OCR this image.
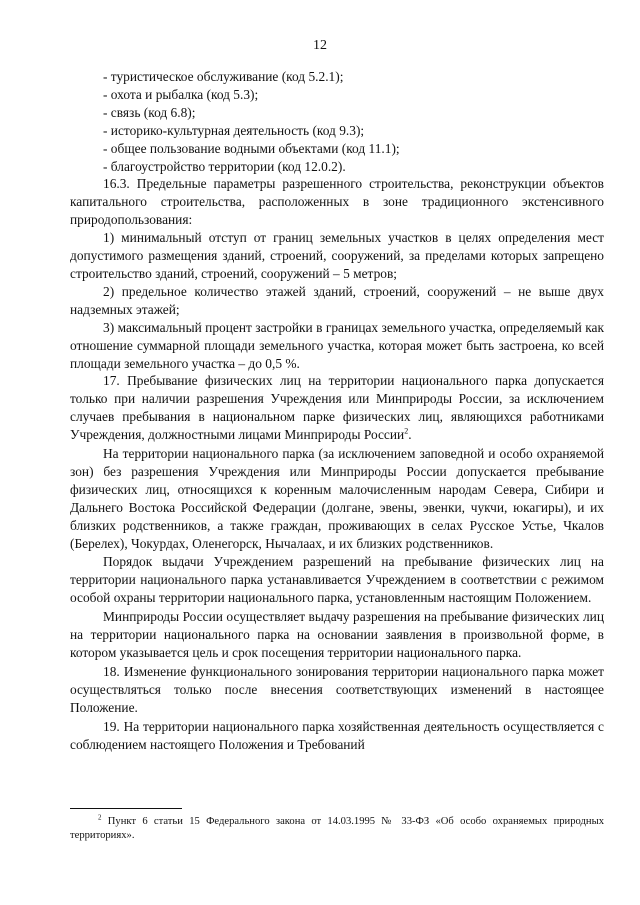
12

- туристическое обслуживание (код 5.2.1);

- охота и рыбалка (код 5.3);

- связь (код 6.8);

- историко-культурная деятельность (код 9.3);

- общее пользование водными объектами (код 11.1);

- благоустройство территории (код 12.0.2).

16.3. Предельные параметры разрешенного строительства, реконструкции объектов капитального строительства, расположенных в зоне традиционного экстенсивного природопользования:

1) минимальный отступ от границ земельных участков в целях определения мест допустимого размещения зданий, строений, сооружений, за пределами которых запрещено строительство зданий, строений, сооружений – 5 метров;

2) предельное количество этажей зданий, строений, сооружений – не выше двух надземных этажей;

3) максимальный процент застройки в границах земельного участка, определяемый как отношение суммарной площади земельного участка, которая может быть застроена, ко всей площади земельного участка – до 0,5 %.

17. Пребывание физических лиц на территории национального парка допускается только при наличии разрешения Учреждения или Минприроды России, за исключением случаев пребывания в национальном парке физических лиц, являющихся работниками Учреждения, должностными лицами Минприроды России$^2$.

На территории национального парка (за исключением заповедной и особо охраняемой зон) без разрешения Учреждения или Минприроды России допускается пребывание физических лиц, относящихся к коренным малочисленным народам Севера, Сибири и Дальнего Востока Российской Федерации (долгане, эвены, эвенки, чукчи, юкагиры), и их близких родственников, а также граждан, проживающих в селах Русское Устье, Чкалов (Берелех), Чокурдах, Оленегорск, Нычалаах, и их близких родственников.

Порядок выдачи Учреждением разрешений на пребывание физических лиц на территории национального парка устанавливается Учреждением в соответствии с режимом особой охраны территории национального парка, установленным настоящим Положением.

Минприроды России осуществляет выдачу разрешения на пребывание физических лиц на территории национального парка на основании заявления в произвольной форме, в котором указывается цель и срок посещения территории национального парка.

18. Изменение функционального зонирования территории национального парка может осуществляться только после внесения соответствующих изменений в настоящее Положение.

19. На территории национального парка хозяйственная деятельность осуществляется с соблюдением настоящего Положения и Требований

$^2$ Пункт 6 статьи 15 Федерального закона от 14.03.1995 № 33-ФЗ «Об особо охраняемых природных территориях».
